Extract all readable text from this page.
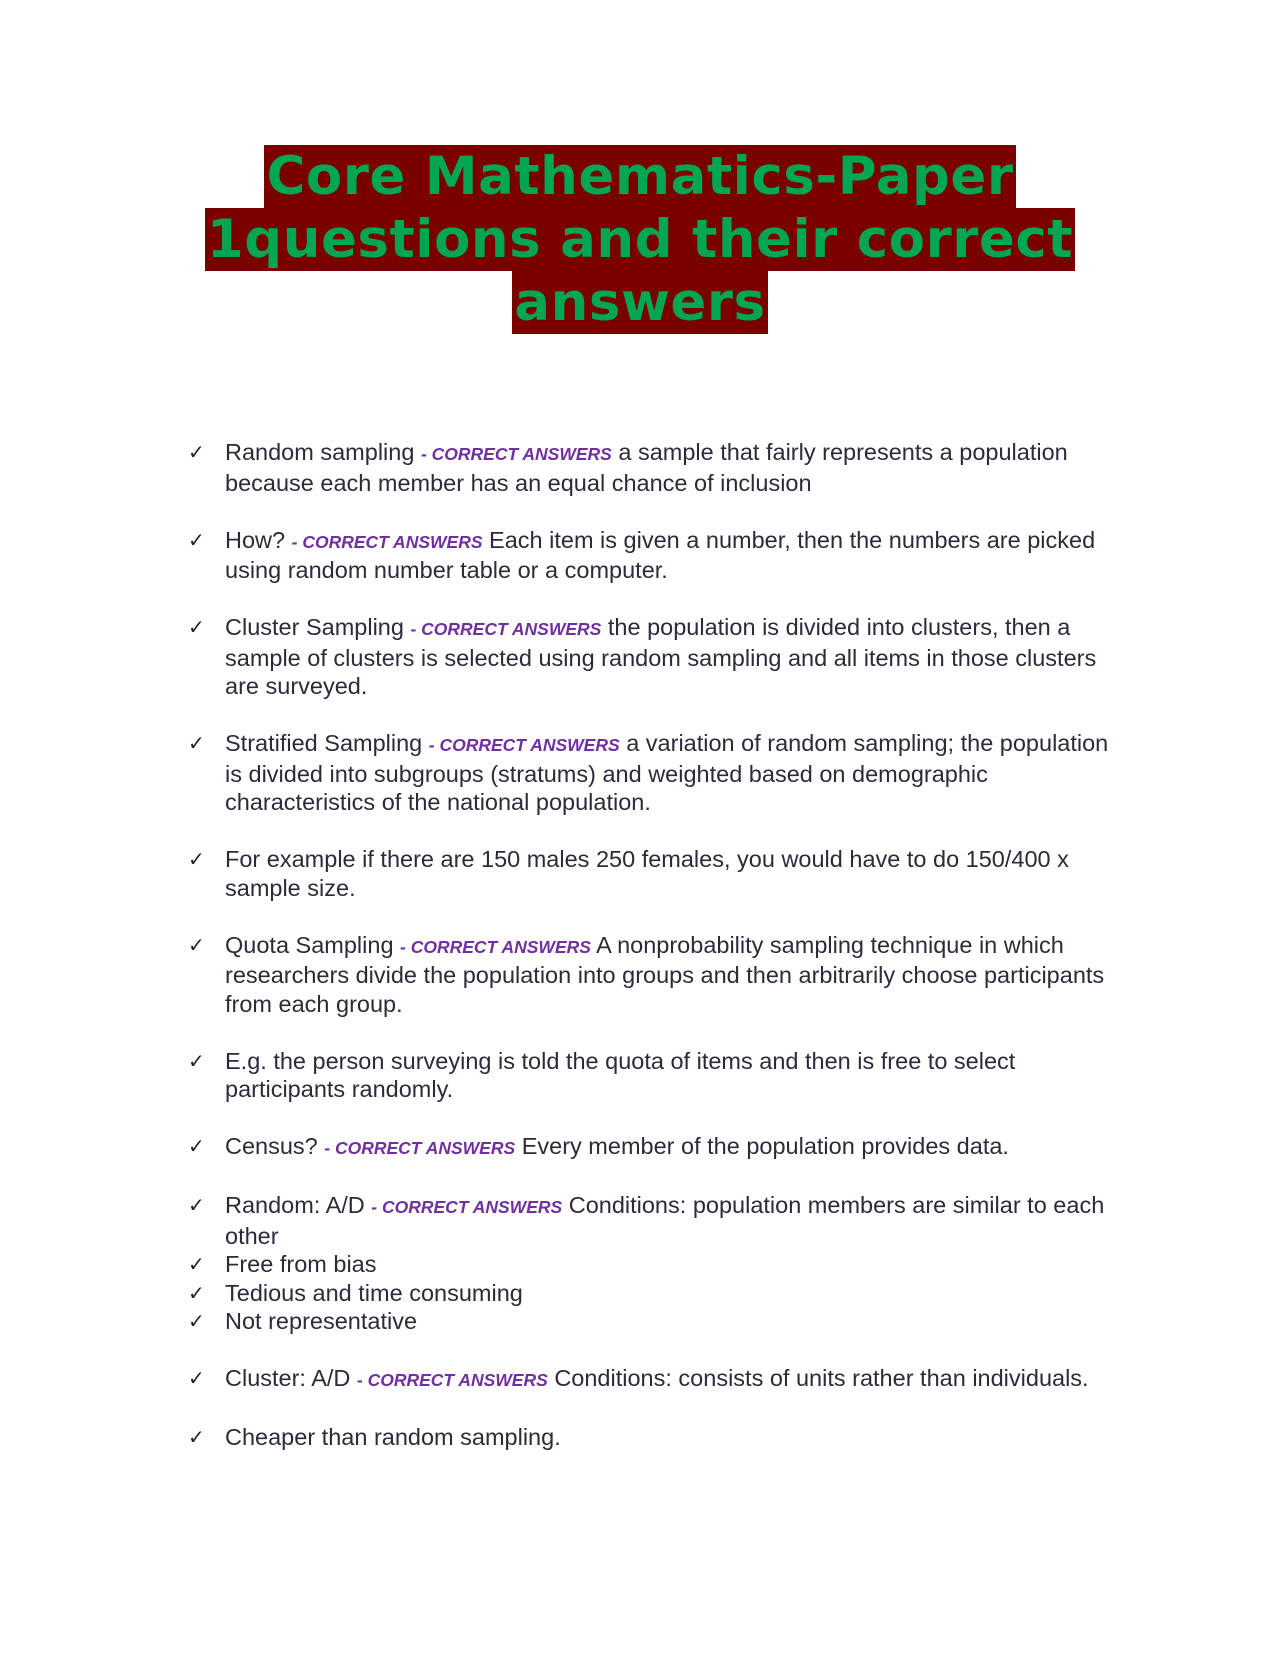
Core Mathematics-Paper
1questions and their correct
answers
✓ Random sampling - CORRECT ANSWERS a sample that fairly represents a population because each member has an equal chance of inclusion
✓ How? - CORRECT ANSWERS Each item is given a number, then the numbers are picked using random number table or a computer.
✓ Cluster Sampling - CORRECT ANSWERS the population is divided into clusters, then a sample of clusters is selected using random sampling and all items in those clusters are surveyed.
✓ Stratified Sampling - CORRECT ANSWERS a variation of random sampling; the population is divided into subgroups (stratums) and weighted based on demographic characteristics of the national population.
✓ For example if there are 150 males 250 females, you would have to do 150/400 x sample size.
✓ Quota Sampling - CORRECT ANSWERS A nonprobability sampling technique in which researchers divide the population into groups and then arbitrarily choose participants from each group.
✓ E.g. the person surveying is told the quota of items and then is free to select participants randomly.
✓ Census? - CORRECT ANSWERS Every member of the population provides data.
✓ Random: A/D - CORRECT ANSWERS Conditions: population members are similar to each other
✓ Free from bias
✓ Tedious and time consuming
✓ Not representative
✓ Cluster: A/D - CORRECT ANSWERS Conditions: consists of units rather than individuals.
✓ Cheaper than random sampling.
